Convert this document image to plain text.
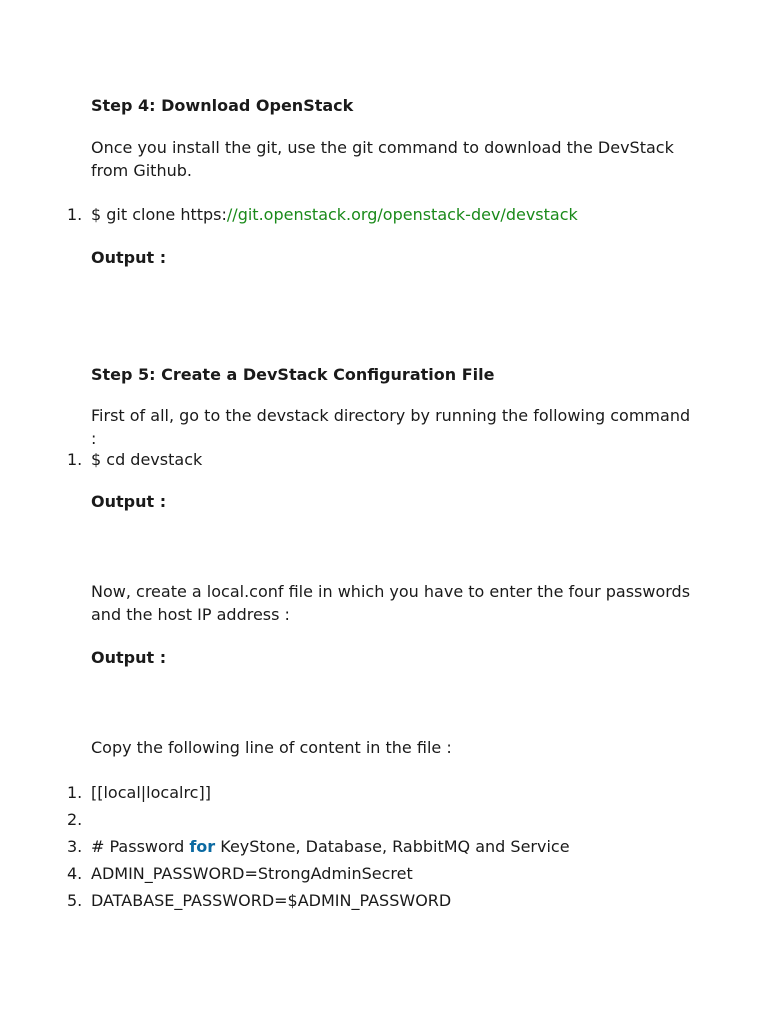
Step 4: Download OpenStack
Once you install the git, use the git command to download the DevStack from Github.
1. $ git clone https://git.openstack.org/openstack-dev/devstack
Output :
Step 5: Create a DevStack Configuration File
First of all, go to the devstack directory by running the following command :
1. $ cd devstack
Output :
Now, create a local.conf file in which you have to enter the four passwords and the host IP address :
Output :
Copy the following line of content in the file :
1. [[local|localrc]]
2.
3. # Password for KeyStone, Database, RabbitMQ and Service
4. ADMIN_PASSWORD=StrongAdminSecret
5. DATABASE_PASSWORD=$ADMIN_PASSWORD
